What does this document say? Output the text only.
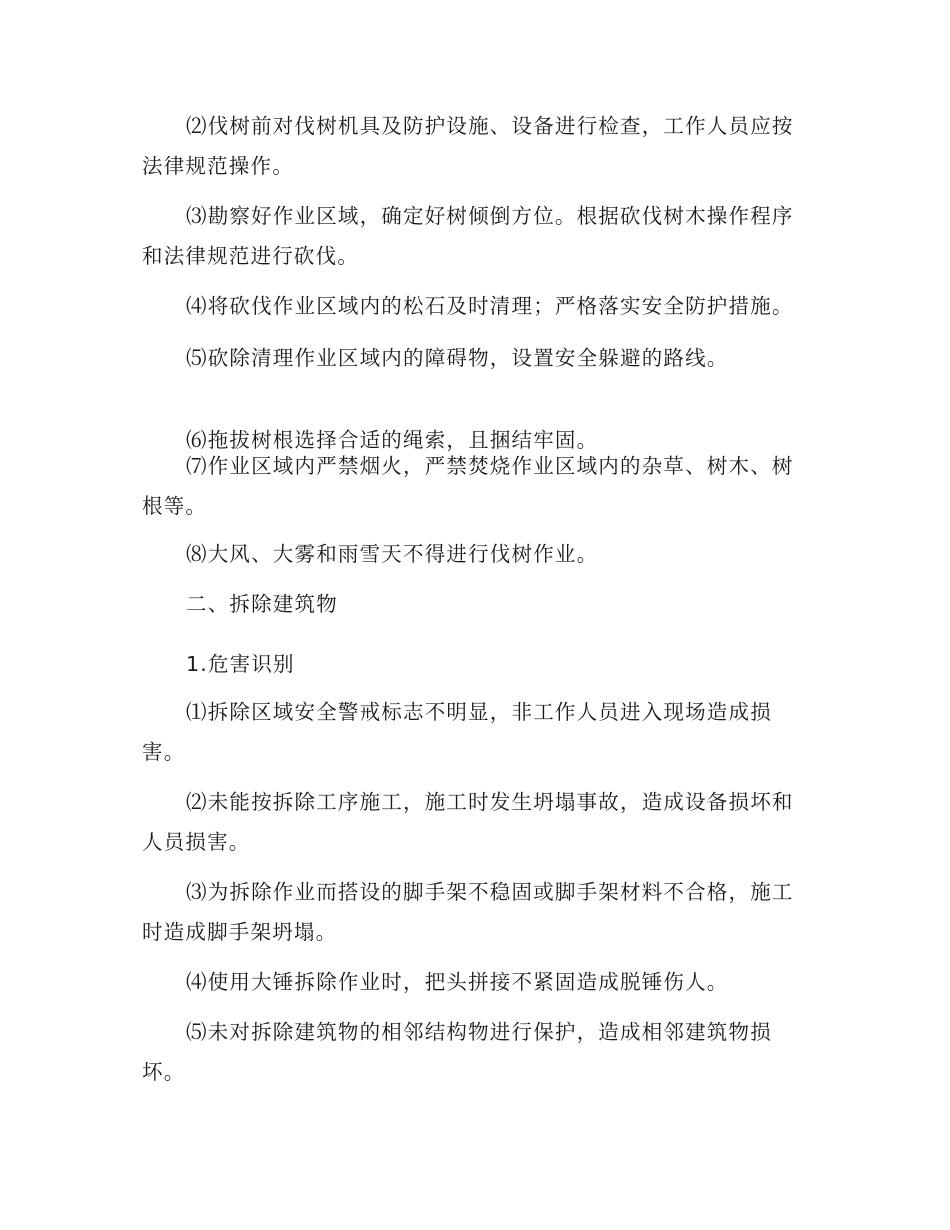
⑵伐树前对伐树机具及防护设施、设备进行检查，工作人员应按法律规范操作。

⑶勘察好作业区域，确定好树倾倒方位。根据砍伐树木操作程序和法律规范进行砍伐。

⑷将砍伐作业区域内的松石及时清理；严格落实安全防护措施。

⑸砍除清理作业区域内的障碍物，设置安全躲避的路线。

⑹拖拔树根选择合适的绳索，且捆结牢固。

⑺作业区域内严禁烟火，严禁焚烧作业区域内的杂草、树木、树根等。

⑻大风、大雾和雨雪天不得进行伐树作业。

二、拆除建筑物

1.危害识别

⑴拆除区域安全警戒标志不明显，非工作人员进入现场造成损害。

⑵未能按拆除工序施工，施工时发生坍塌事故，造成设备损坏和人员损害。

⑶为拆除作业而搭设的脚手架不稳固或脚手架材料不合格，施工时造成脚手架坍塌。

⑷使用大锤拆除作业时，把头拼接不紧固造成脱锤伤人。

⑸未对拆除建筑物的相邻结构物进行保护，造成相邻建筑物损坏。
